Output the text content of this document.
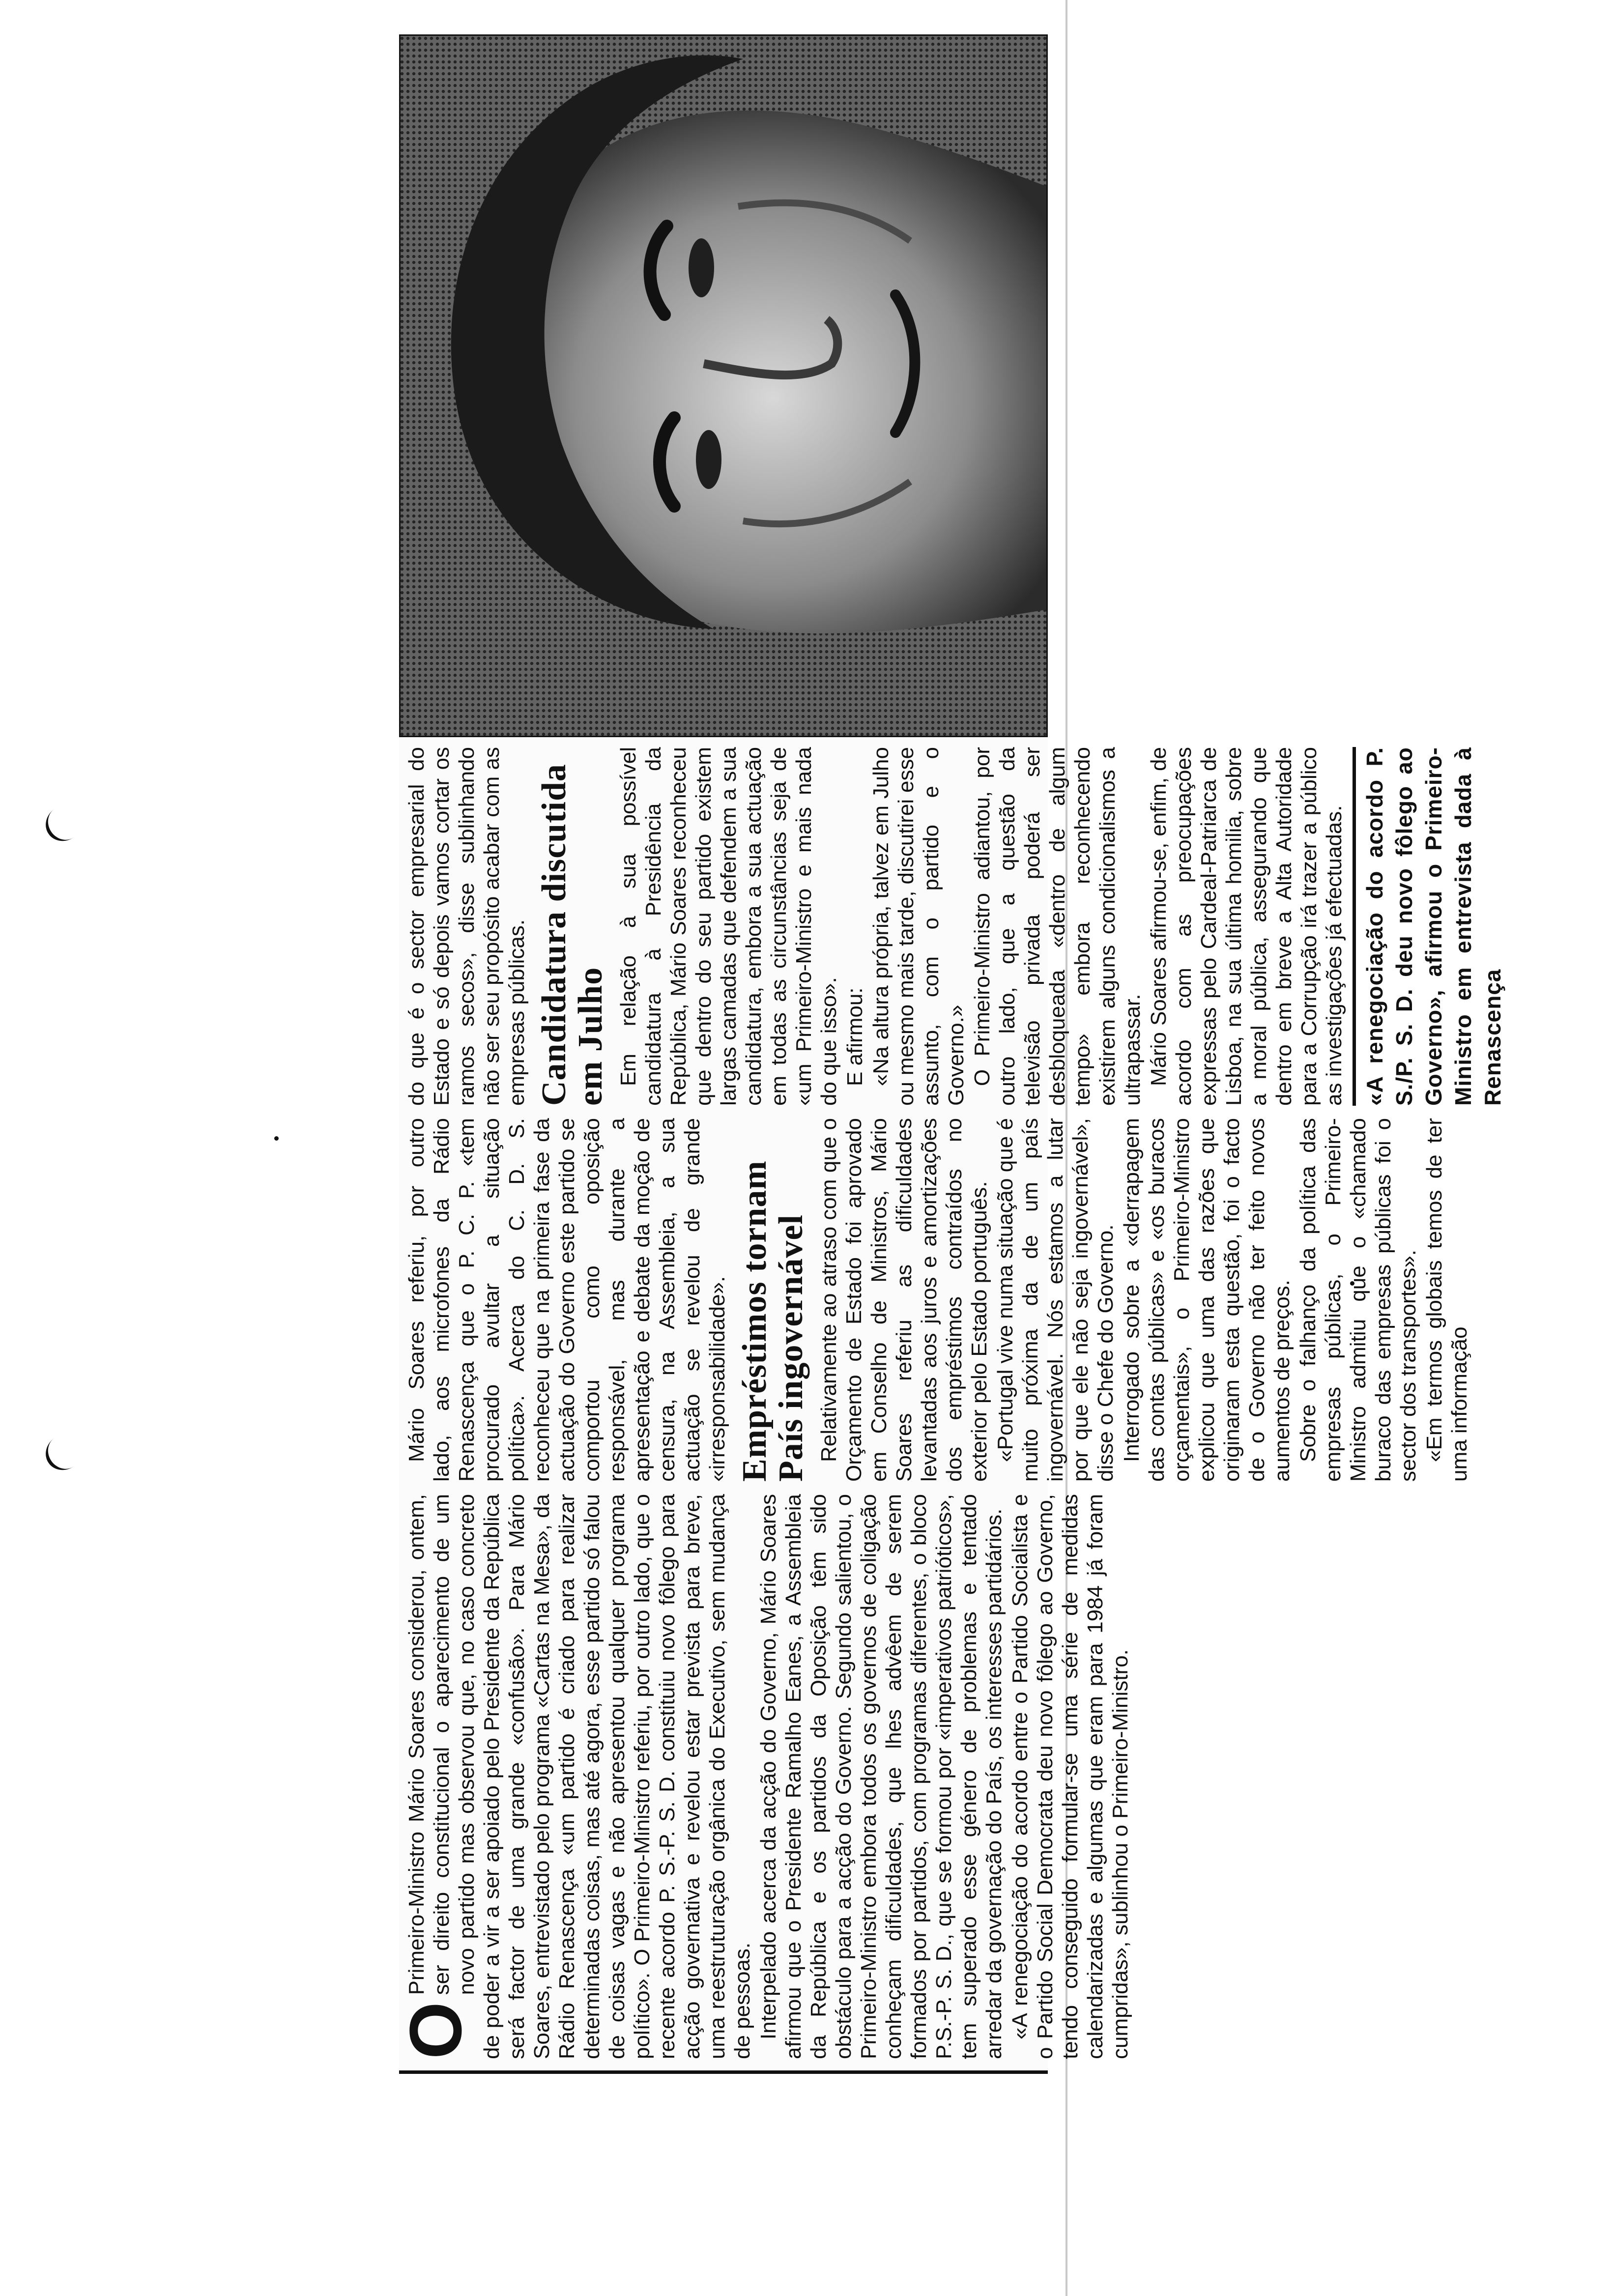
O

Primeiro-Ministro Mário Soares considerou, ontem, ser direito constitucional o aparecimento de um novo partido mas observou que, no caso concreto de poder a vir a ser apoiado pelo Presidente da República será factor de uma grande «confusão». Para Mário Soares, entrevistado pelo programa «Cartas na Mesa», da Rádio Renascença «um partido é criado para realizar determinadas coisas, mas até agora, esse partido só falou de coisas vagas e não apresentou qualquer programa político». O Primeiro-Ministro referiu, por outro lado, que o recente acordo P. S.-P. S. D. constituiu novo fôlego para acção governativa e revelou estar prevista para breve, uma reestruturação orgânica do Executivo, sem mudança de pessoas. Interpelado acerca da acção do Governo, Mário Soares afirmou que o Presidente Ramalho Eanes, a Assembleia da República e os partidos da Oposição têm sido obstáculo para a acção do Governo. Segundo salientou, o Primeiro-Ministro embora todos os governos de coligação conheçam dificuldades, que lhes advêem de serem formados por partidos, com programas diferentes, o bloco P.S.-P. S. D., que se formou por «imperativos patrióticos», tem superado esse género de problemas e tentado arredar da governação do País, os interesses partidários. «A renegociação do acordo entre o Partido Socialista e o Partido Social Democrata deu novo fôlego ao Governo, tendo conseguido formular-se uma série de medidas calendarizadas e algumas que eram para 1984 já foram cumpridas», sublinhou o Primeiro-Ministro.

Mário Soares referiu, por outro lado, aos microfones da Rádio Renascença que o P. C. P. «tem procurado avultar a situação política». Acerca do C. D. S. reconheceu que na primeira fase da actuação do Governo este partido se comportou como oposição responsável, mas durante a apresentação e debate da moção de censura, na Assembleia, a sua actuação se revelou de grande «irresponsabilidade». Empréstimos tornam País ingovernável Relativamente ao atraso com que o Orçamento de Estado foi aprovado em Conselho de Ministros, Mário Soares referiu as dificuldades levantadas aos juros e amortizações dos empréstimos contraídos no exterior pelo Estado português. «Portugal vive numa situação que é muito próxima da de um país ingovernável. Nós estamos a lutar por que ele não seja ingovernável», disse o Chefe do Governo. Interrogado sobre a «derrapagem das contas públicas» e «os buracos orçamentais», o Primeiro-Ministro explicou que uma das razões que originaram esta questão, foi o facto de o Governo não ter feito novos aumentos de preços. Sobre o falhanço da política das empresas públicas, o Primeiro-Ministro admitiu que o «chamado buraco das empresas públicas foi o sector dos transportes». «Em termos globais temos de ter uma informação

do que é o sector empresarial do Estado e só depois vamos cortar os ramos secos», disse sublinhando não ser seu propósito acabar com as empresas públicas. Candidatura discutida em Julho Em relação à sua possível candidatura à Presidência da República, Mário Soares reconheceu que dentro do seu partido existem largas camadas que defendem a sua candidatura, embora a sua actuação em todas as circunstâncias seja de «um Primeiro-Ministro e mais nada do que isso». E afirmou: «Na altura própria, talvez em Julho ou mesmo mais tarde, discutirei esse assunto, com o partido e o Governo.» O Primeiro-Ministro adiantou, por outro lado, que a questão da televisão privada poderá ser desbloqueada «dentro de algum tempo» embora reconhecendo existirem alguns condicionalismos a ultrapassar. Mário Soares afirmou-se, enfim, de acordo com as preocupações expressas pelo Cardeal-Patriarca de Lisboa, na sua última homilia, sobre a moral pública, assegurando que dentro em breve a Alta Autoridade para a Corrupção irá trazer a público as investigações já efectuadas. «A renegociação do acordo P. S./P. S. D. deu novo fôlego ao Governo», afirmou o Primeiro-Ministro em entrevista dada à Renascença
